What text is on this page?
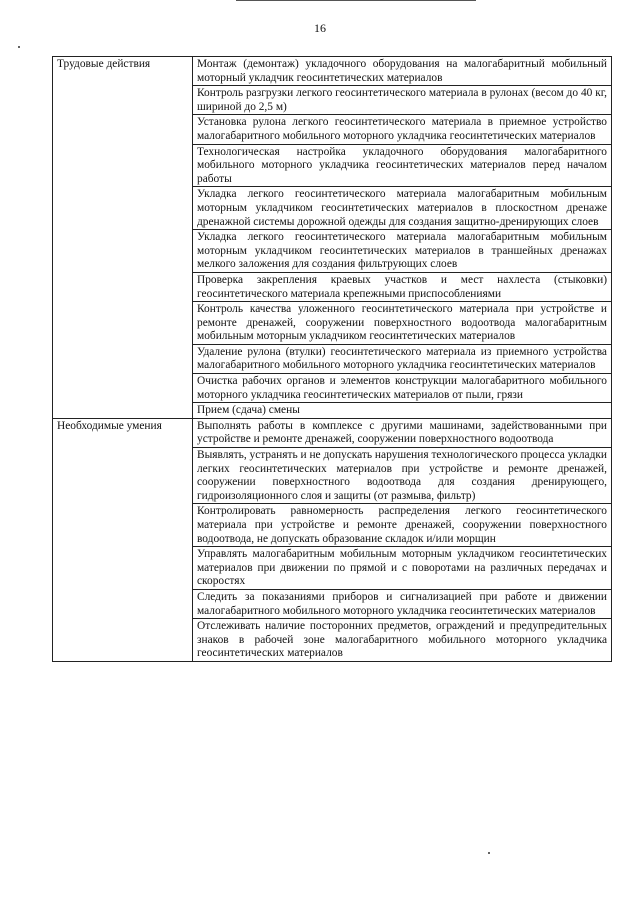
16
Трудовые действия	Монтаж (демонтаж) укладочного оборудования на малогабаритный мобильный моторный укладчик геосинтетических материалов
	Контроль разгрузки легкого геосинтетического материала в рулонах (весом до 40 кг, шириной до 2,5 м)
	Установка рулона легкого геосинтетического материала в приемное устройство малогабаритного мобильного моторного укладчика геосинтетических материалов
	Технологическая настройка укладочного оборудования малогабаритного мобильного моторного укладчика геосинтетических материалов перед началом работы
	Укладка легкого геосинтетического материала малогабаритным мобильным моторным укладчиком геосинтетических материалов в плоскостном дренаже дренажной системы дорожной одежды для создания защитно-дренирующих слоев
	Укладка легкого геосинтетического материала малогабаритным мобильным моторным укладчиком геосинтетических материалов в траншейных дренажах мелкого заложения для создания фильтрующих слоев
	Проверка закрепления краевых участков и мест нахлеста (стыковки) геосинтетического материала крепежными приспособлениями
	Контроль качества уложенного геосинтетического материала при устройстве и ремонте дренажей, сооружении поверхностного водоотвода малогабаритным мобильным моторным укладчиком геосинтетических материалов
	Удаление рулона (втулки) геосинтетического материала из приемного устройства малогабаритного мобильного моторного укладчика геосинтетических материалов
	Очистка рабочих органов и элементов конструкции малогабаритного мобильного моторного укладчика геосинтетических материалов от пыли, грязи
	Прием (сдача) смены
Необходимые умения	Выполнять работы в комплексе с другими машинами, задействованными при устройстве и ремонте дренажей, сооружении поверхностного водоотвода
	Выявлять, устранять и не допускать нарушения технологического процесса укладки легких геосинтетических материалов при устройстве и ремонте дренажей, сооружении поверхностного водоотвода для создания дренирующего, гидроизоляционного слоя и защиты (от размыва, фильтр)
	Контролировать равномерность распределения легкого геосинтетического материала при устройстве и ремонте дренажей, сооружении поверхностного водоотвода, не допускать образование складок и/или морщин
	Управлять малогабаритным мобильным моторным укладчиком геосинтетических материалов при движении по прямой и с поворотами на различных передачах и скоростях
	Следить за показаниями приборов и сигнализацией при работе и движении малогабаритного мобильного моторного укладчика геосинтетических материалов
	Отслеживать наличие посторонних предметов, ограждений и предупредительных знаков в рабочей зоне малогабаритного мобильного моторного укладчика геосинтетических материалов
